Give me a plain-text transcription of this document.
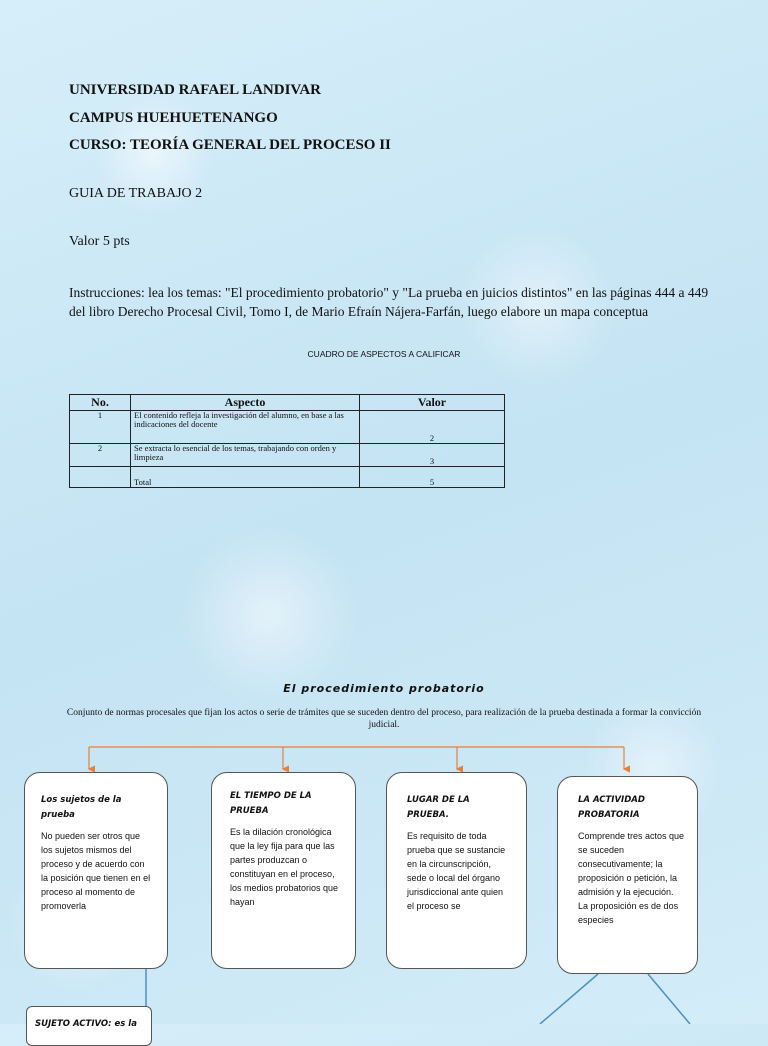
UNIVERSIDAD RAFAEL LANDIVAR
CAMPUS HUEHUETENANGO
CURSO: TEORÍA GENERAL DEL PROCESO II
GUIA DE TRABAJO 2
Valor 5 pts
Instrucciones: lea los temas: "El procedimiento probatorio" y "La prueba en juicios distintos" en las páginas 444 a 449 del libro Derecho Procesal Civil, Tomo I, de Mario Efraín Nájera-Farfán, luego elabore un mapa conceptua
CUADRO DE ASPECTOS A CALIFICAR
No.	Aspecto	Valor
1	El contenido refleja la investigación del alumno, en base a las indicaciones del docente	2
2	Se extracta lo esencial de los temas, trabajando con orden y limpieza	3
	Total	5
El procedimiento probatorio
Conjunto de normas procesales que fijan los actos o serie de trámites que se suceden dentro del proceso, para realización de la prueba destinada a formar la convicción judicial.
Los sujetos de la prueba
No pueden ser otros que los sujetos mismos del proceso y de acuerdo con la posición que tienen en el proceso al momento de promoverla
EL TIEMPO DE LA PRUEBA
Es la dilación cronológica que la ley fija para que las partes produzcan o constituyan en el proceso, los medios probatorios que hayan
LUGAR DE LA PRUEBA.
Es requisito de toda prueba que se sustancie en la circunscripción, sede o local del órgano jurisdiccional ante quien el proceso se
LA ACTIVIDAD PROBATORIA
Comprende tres actos que se suceden consecutivamente; la proposición o petición, la admisión y la ejecución. La proposición es de dos especies
SUJETO ACTIVO: es la
